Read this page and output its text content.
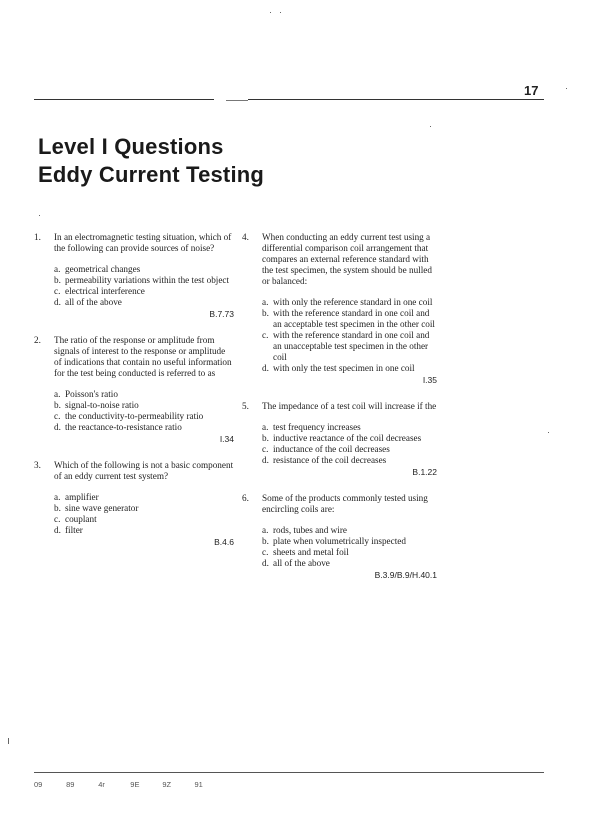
17
Level I Questions
Eddy Current Testing
1. In an electromagnetic testing situation, which of the following can provide sources of noise?
a. geometrical changes
b. permeability variations within the test object
c. electrical interference
d. all of the above
B.7.73
2. The ratio of the response or amplitude from signals of interest to the response or amplitude of indications that contain no useful information for the test being conducted is referred to as
a. Poisson's ratio
b. signal-to-noise ratio
c. the conductivity-to-permeability ratio
d. the reactance-to-resistance ratio
I.34
3. Which of the following is not a basic component of an eddy current test system?
a. amplifier
b. sine wave generator
c. couplant
d. filter
B.4.6
4. When conducting an eddy current test using a differential comparison coil arrangement that compares an external reference standard with the test specimen, the system should be nulled or balanced:
a. with only the reference standard in one coil
b. with the reference standard in one coil and an acceptable test specimen in the other coil
c. with the reference standard in one coil and an unacceptable test specimen in the other coil
d. with only the test specimen in one coil
I.35
5. The impedance of a test coil will increase if the
a. test frequency increases
b. inductive reactance of the coil decreases
c. inductance of the coil decreases
d. resistance of the coil decreases
B.1.22
6. Some of the products commonly tested using encircling coils are:
a. rods, tubes and wire
b. plate when volumetrically inspected
c. sheets and metal foil
d. all of the above
B.3.9/B.9/H.40.1
09	89	4r	9E	9Z	91
